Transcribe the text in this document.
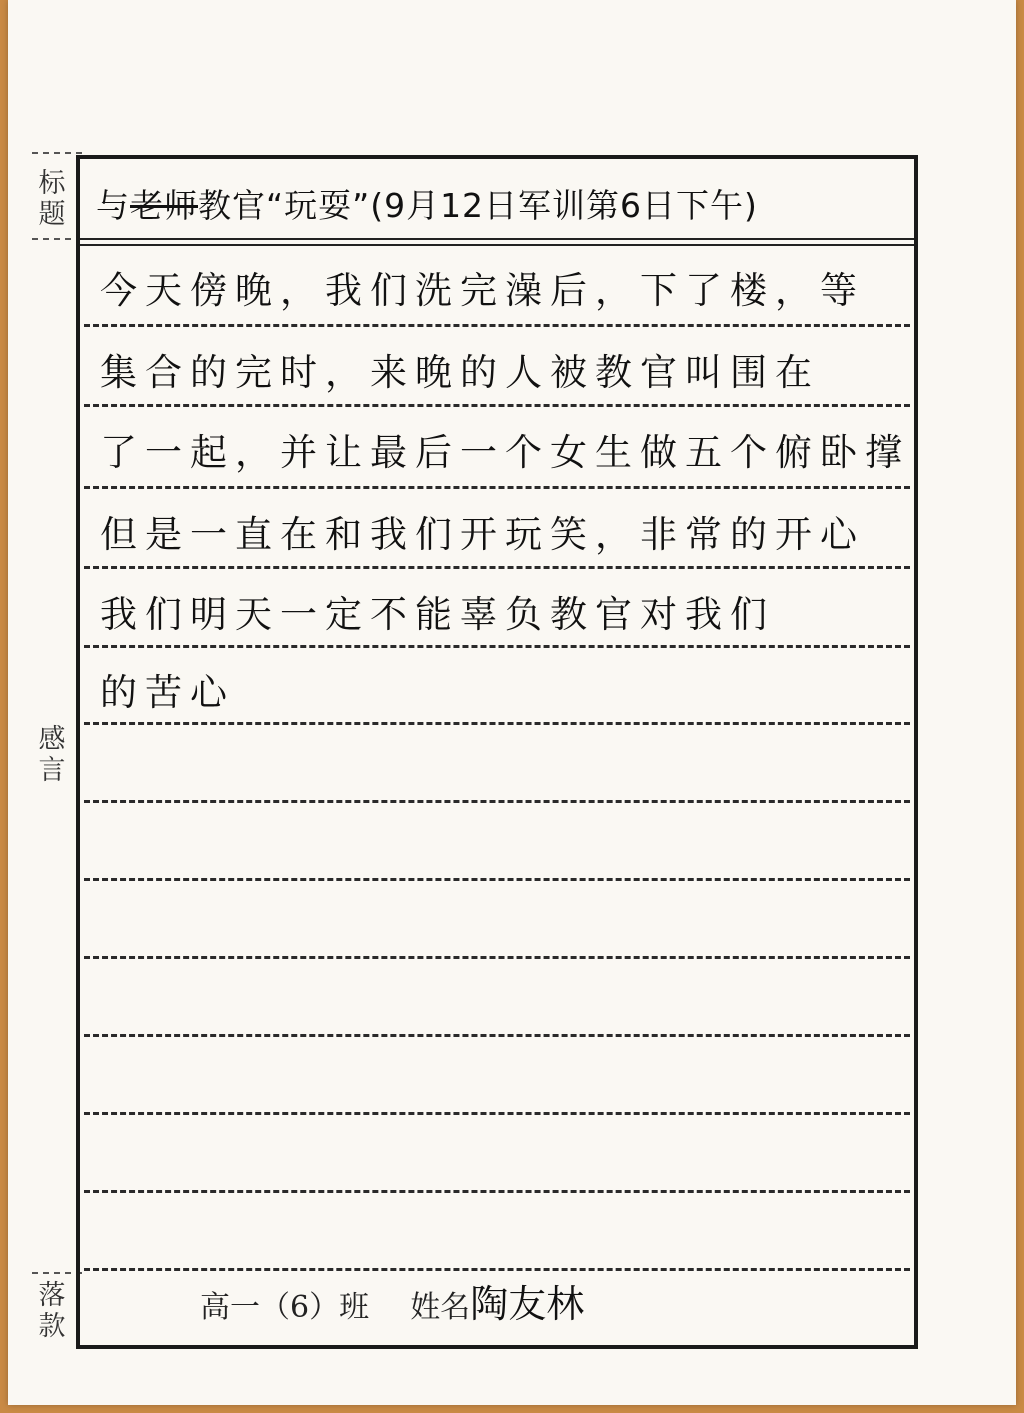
标题
感言
落款
与老师教官“玩耍”(9月12日军训第6日下午)
今天傍晚，我们洗完澡后，下了楼，等
集合的完时，来晚的人被教官叫围在
了一起，并让最后一个女生做五个俯卧撑
但是一直在和我们开玩笑，非常的开心
我们明天一定不能辜负教官对我们
的苦心
高一（6）班 姓名陶友林
